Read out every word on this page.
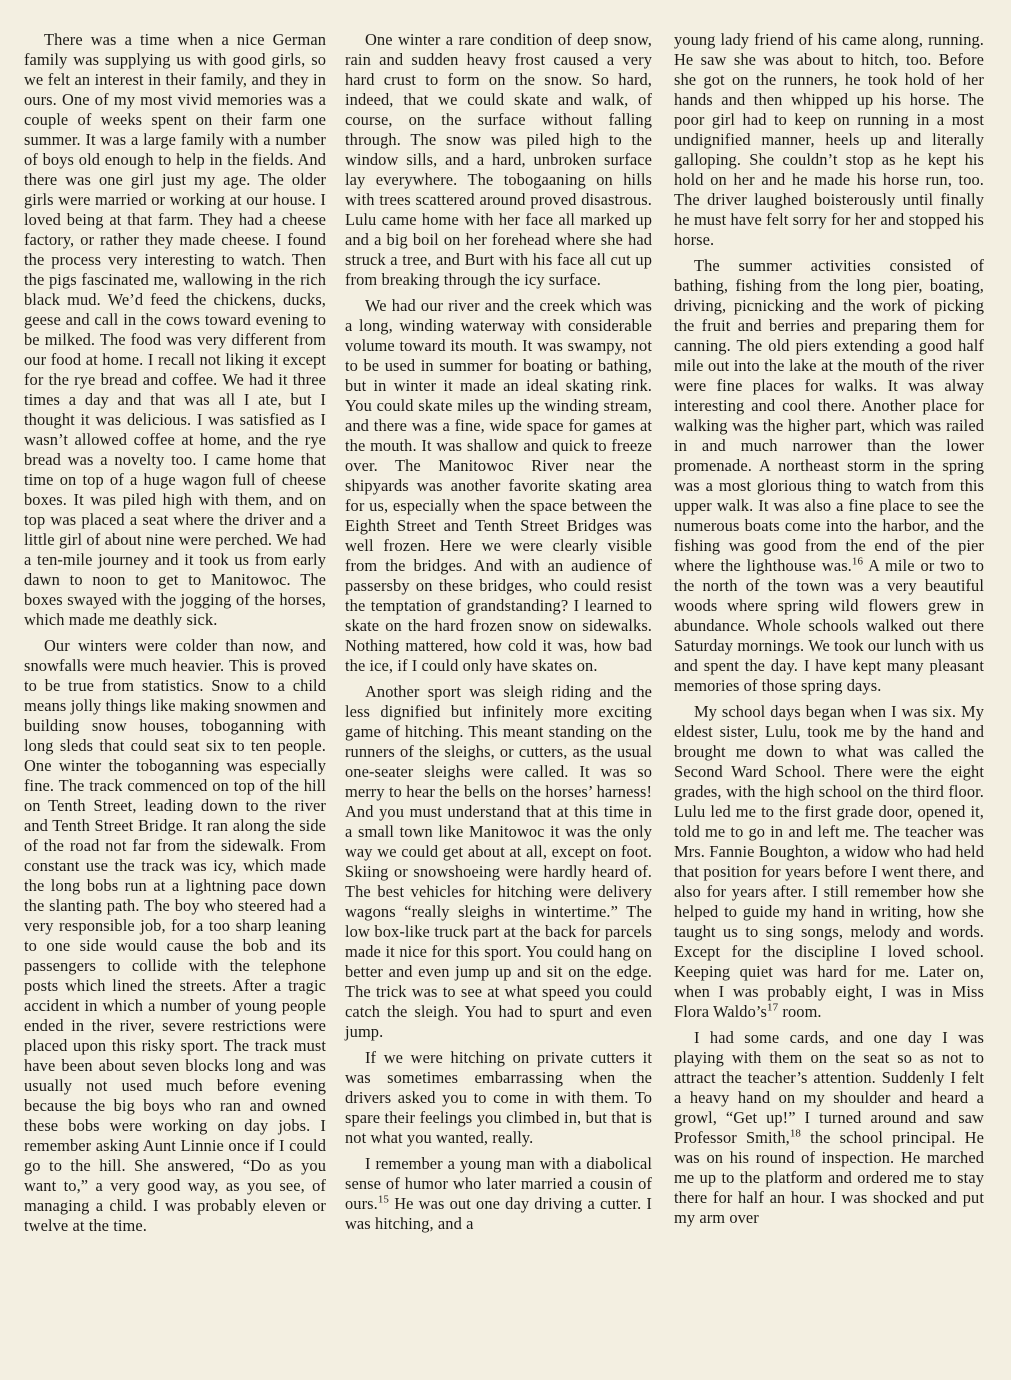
There was a time when a nice German family was supplying us with good girls, so we felt an interest in their family, and they in ours. One of my most vivid memories was a couple of weeks spent on their farm one summer. It was a large family with a number of boys old enough to help in the fields. And there was one girl just my age. The older girls were married or working at our house. I loved being at that farm. They had a cheese factory, or rather they made cheese. I found the process very interesting to watch. Then the pigs fascinated me, wallowing in the rich black mud. We’d feed the chickens, ducks, geese and call in the cows toward evening to be milked. The food was very different from our food at home. I recall not liking it except for the rye bread and coffee. We had it three times a day and that was all I ate, but I thought it was delicious. I was satisfied as I wasn’t allowed coffee at home, and the rye bread was a novelty too. I came home that time on top of a huge wagon full of cheese boxes. It was piled high with them, and on top was placed a seat where the driver and a little girl of about nine were perched. We had a ten-mile journey and it took us from early dawn to noon to get to Manitowoc. The boxes swayed with the jogging of the horses, which made me deathly sick.

Our winters were colder than now, and snowfalls were much heavier. This is proved to be true from statistics. Snow to a child means jolly things like making snowmen and building snow houses, toboganning with long sleds that could seat six to ten people. One winter the toboganning was especially fine. The track commenced on top of the hill on Tenth Street, leading down to the river and Tenth Street Bridge. It ran along the side of the road not far from the sidewalk. From constant use the track was icy, which made the long bobs run at a lightning pace down the slanting path. The boy who steered had a very responsible job, for a too sharp leaning to one side would cause the bob and its passengers to collide with the telephone posts which lined the streets. After a tragic accident in which a number of young people ended in the river, severe restrictions were placed upon this risky sport. The track must have been about seven blocks long and was usually not used much before evening because the big boys who ran and owned these bobs were working on day jobs. I remember asking Aunt Linnie once if I could go to the hill. She answered, “Do as you want to,” a very good way, as you see, of managing a child. I was probably eleven or twelve at the time.

One winter a rare condition of deep snow, rain and sudden heavy frost caused a very hard crust to form on the snow. So hard, indeed, that we could skate and walk, of course, on the surface without falling through. The snow was piled high to the window sills, and a hard, unbroken surface lay everywhere. The tobogaaning on hills with trees scattered around proved disastrous. Lulu came home with her face all marked up and a big boil on her forehead where she had struck a tree, and Burt with his face all cut up from breaking through the icy surface.

We had our river and the creek which was a long, winding waterway with considerable volume toward its mouth. It was swampy, not to be used in summer for boating or bathing, but in winter it made an ideal skating rink. You could skate miles up the winding stream, and there was a fine, wide space for games at the mouth. It was shallow and quick to freeze over. The Manitowoc River near the shipyards was another favorite skating area for us, especially when the space between the Eighth Street and Tenth Street Bridges was well frozen. Here we were clearly visible from the bridges. And with an audience of passersby on these bridges, who could resist the temptation of grandstanding? I learned to skate on the hard frozen snow on sidewalks. Nothing mattered, how cold it was, how bad the ice, if I could only have skates on.

Another sport was sleigh riding and the less dignified but infinitely more exciting game of hitching. This meant standing on the runners of the sleighs, or cutters, as the usual one-seater sleighs were called. It was so merry to hear the bells on the horses’ harness! And you must understand that at this time in a small town like Manitowoc it was the only way we could get about at all, except on foot. Skiing or snowshoeing were hardly heard of. The best vehicles for hitching were delivery wagons “really sleighs in wintertime.” The low box-like truck part at the back for parcels made it nice for this sport. You could hang on better and even jump up and sit on the edge. The trick was to see at what speed you could catch the sleigh. You had to spurt and even jump.

If we were hitching on private cutters it was sometimes embarrassing when the drivers asked you to come in with them. To spare their feelings you climbed in, but that is not what you wanted, really.

I remember a young man with a diabolical sense of humor who later married a cousin of ours.$^{15}$ He was out one day driving a cutter. I was hitching, and a

young lady friend of his came along, running. He saw she was about to hitch, too. Before she got on the runners, he took hold of her hands and then whipped up his horse. The poor girl had to keep on running in a most undignified manner, heels up and literally galloping. She couldn’t stop as he kept his hold on her and he made his horse run, too. The driver laughed boisterously until finally he must have felt sorry for her and stopped his horse.

The summer activities consisted of bathing, fishing from the long pier, boating, driving, picnicking and the work of picking the fruit and berries and preparing them for canning. The old piers extending a good half mile out into the lake at the mouth of the river were fine places for walks. It was alway interesting and cool there. Another place for walking was the higher part, which was railed in and much narrower than the lower promenade. A northeast storm in the spring was a most glorious thing to watch from this upper walk. It was also a fine place to see the numerous boats come into the harbor, and the fishing was good from the end of the pier where the lighthouse was.$^{16}$ A mile or two to the north of the town was a very beautiful woods where spring wild flowers grew in abundance. Whole schools walked out there Saturday mornings. We took our lunch with us and spent the day. I have kept many pleasant memories of those spring days.

My school days began when I was six. My eldest sister, Lulu, took me by the hand and brought me down to what was called the Second Ward School. There were the eight grades, with the high school on the third floor. Lulu led me to the first grade door, opened it, told me to go in and left me. The teacher was Mrs. Fannie Boughton, a widow who had held that position for years before I went there, and also for years after. I still remember how she helped to guide my hand in writing, how she taught us to sing songs, melody and words. Except for the discipline I loved school. Keeping quiet was hard for me. Later on, when I was probably eight, I was in Miss Flora Waldo’s$^{17}$ room.

I had some cards, and one day I was playing with them on the seat so as not to attract the teacher’s attention. Suddenly I felt a heavy hand on my shoulder and heard a growl, “Get up!” I turned around and saw Professor Smith,$^{18}$ the school principal. He was on his round of inspection. He marched me up to the platform and ordered me to stay there for half an hour. I was shocked and put my arm over
